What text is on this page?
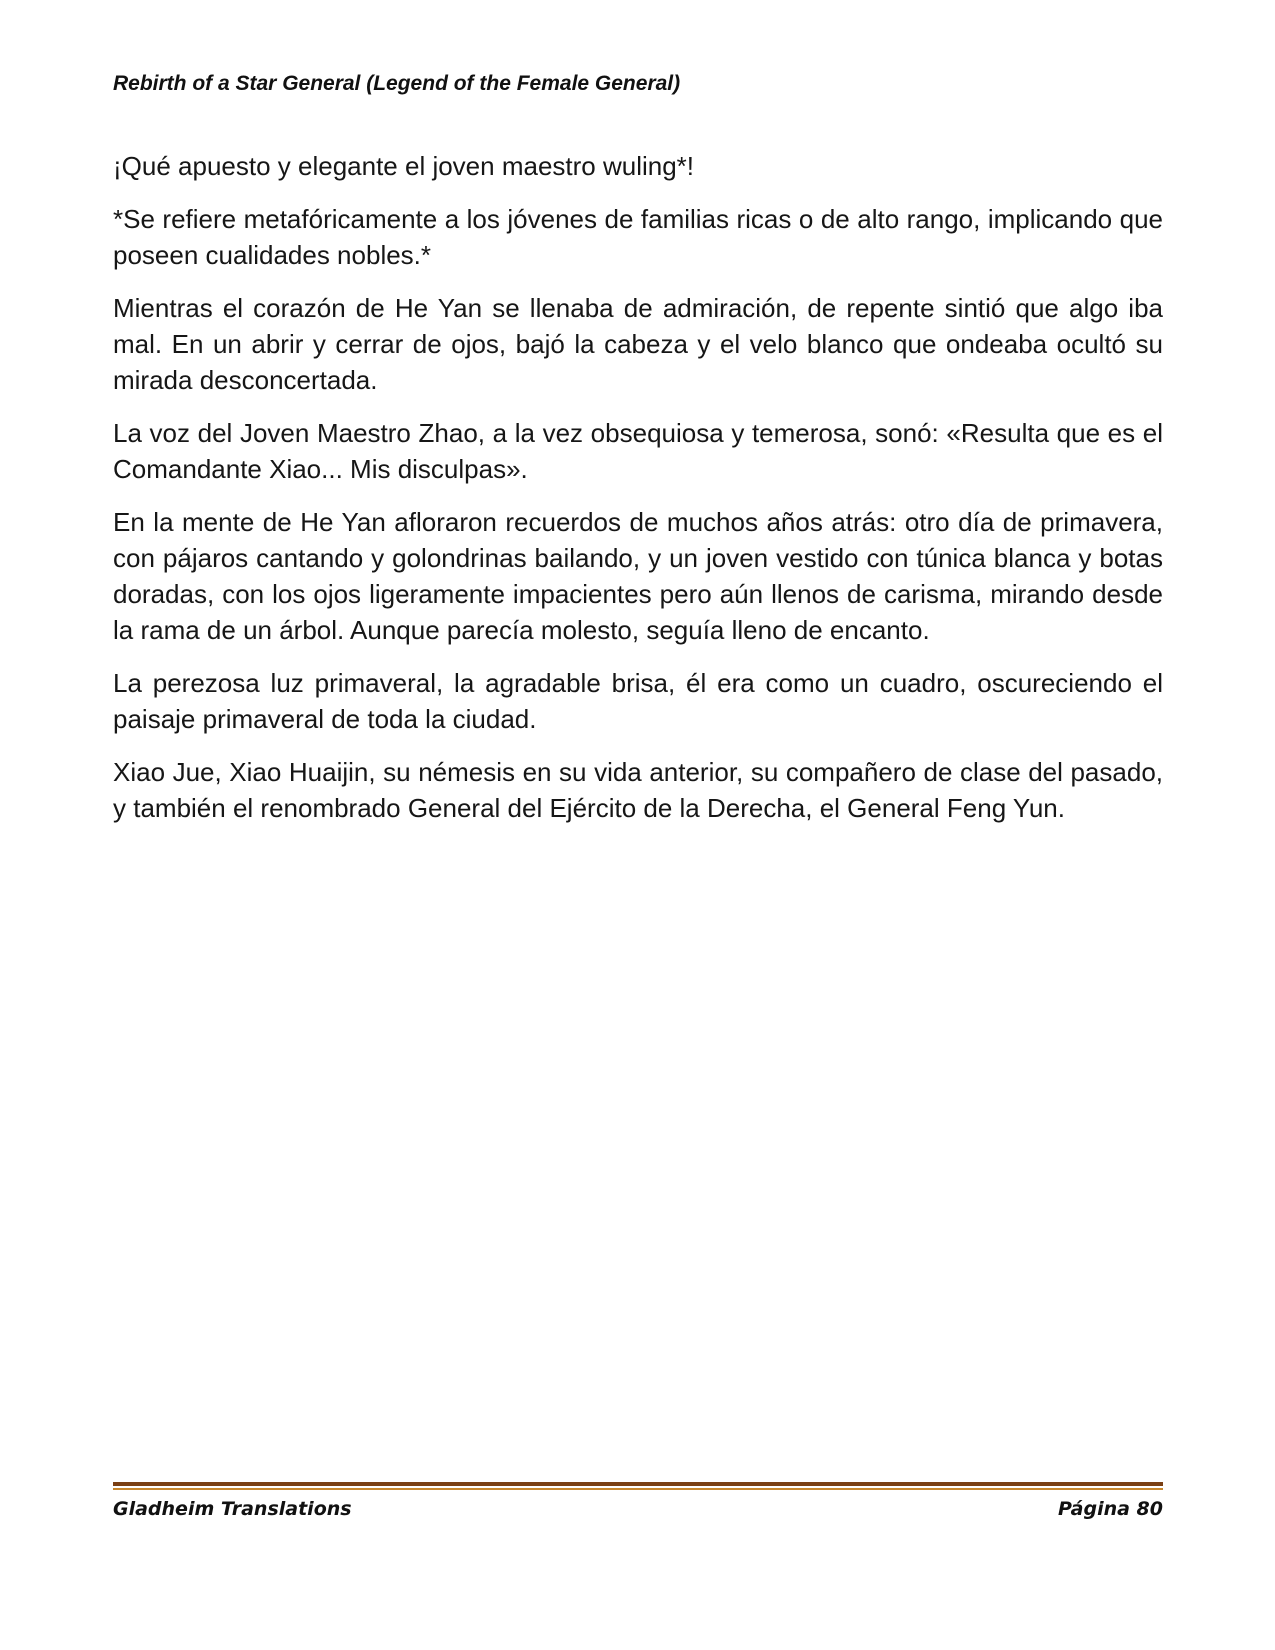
Rebirth of a Star General (Legend of the Female General)

¡Qué apuesto y elegante el joven maestro wuling*!

*Se refiere metafóricamente a los jóvenes de familias ricas o de alto rango, implicando que poseen cualidades nobles.*

Mientras el corazón de He Yan se llenaba de admiración, de repente sintió que algo iba mal. En un abrir y cerrar de ojos, bajó la cabeza y el velo blanco que ondeaba ocultó su mirada desconcertada.

La voz del Joven Maestro Zhao, a la vez obsequiosa y temerosa, sonó: «Resulta que es el Comandante Xiao... Mis disculpas».

En la mente de He Yan afloraron recuerdos de muchos años atrás: otro día de primavera, con pájaros cantando y golondrinas bailando, y un joven vestido con túnica blanca y botas doradas, con los ojos ligeramente impacientes pero aún llenos de carisma, mirando desde la rama de un árbol. Aunque parecía molesto, seguía lleno de encanto.

La perezosa luz primaveral, la agradable brisa, él era como un cuadro, oscureciendo el paisaje primaveral de toda la ciudad.

Xiao Jue, Xiao Huaijin, su némesis en su vida anterior, su compañero de clase del pasado, y también el renombrado General del Ejército de la Derecha, el General Feng Yun.

Gladheim Translations	Página 80
